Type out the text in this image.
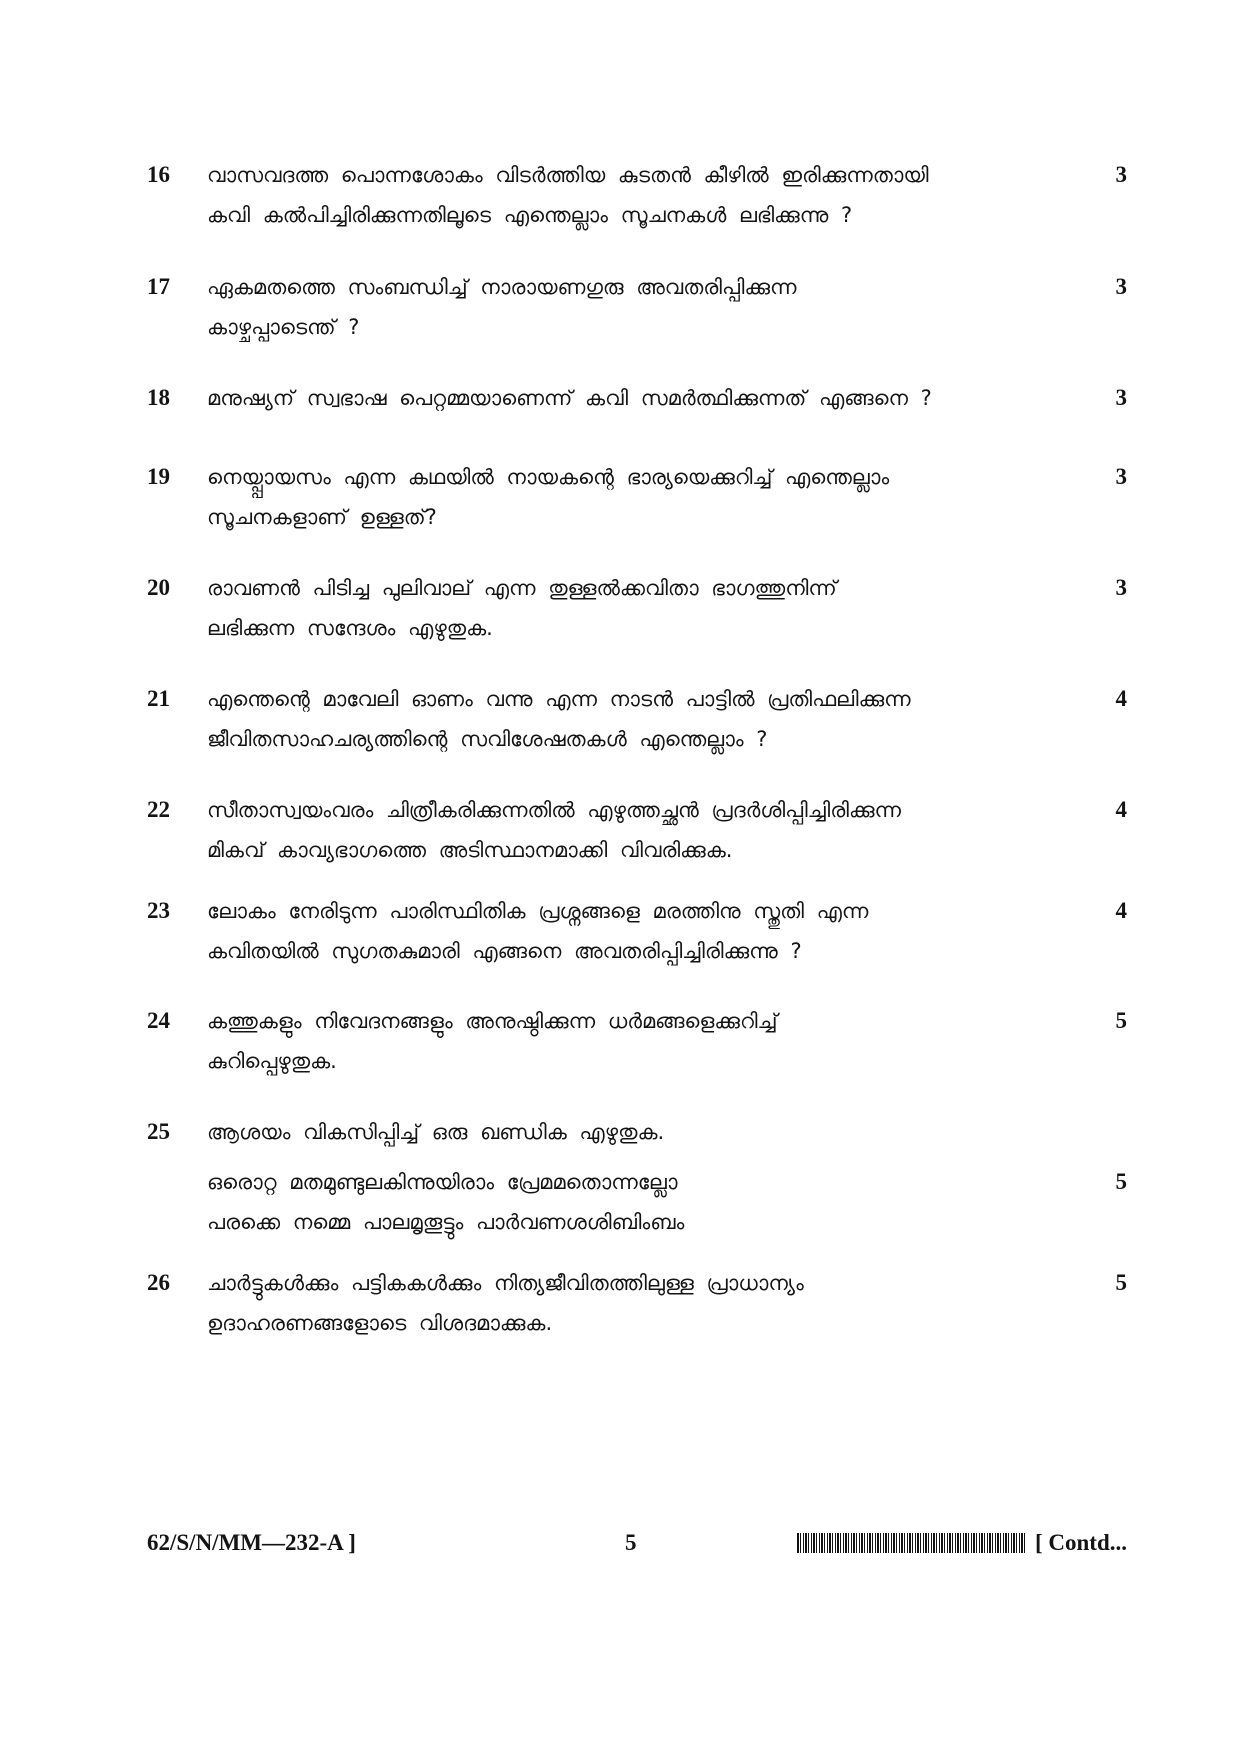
16 വാസവദത്ത പൊന്നശോകം വിടർത്തിയ കുടതൻ കീഴിൽ ഇരിക്കുന്നതായി
കവി കൽപിച്ചിരിക്കുന്നതിലൂടെ എന്തെല്ലാം സൂചനകൾ ലഭിക്കുന്നു ?
3
17 ഏകമതത്തെ സംബന്ധിച്ച് നാരായണഗുരു അവതരിപ്പിക്കുന്ന
കാഴ്ചപ്പാടെന്ത് ?
3
18 മനുഷ്യന് സ്വഭാഷ പെറ്റമ്മയാണെന്ന് കവി സമർത്ഥിക്കുന്നത് എങ്ങനെ ?	3
19 നെയ്പ്പായസം എന്ന കഥയിൽ നായകന്റെ ഭാര്യയെക്കുറിച്ച് എന്തെല്ലാം
സൂചനകളാണ് ഉള്ളത്?
3
20 രാവണൻ പിടിച്ച പുലിവാല് എന്ന തുള്ളൽക്കവിതാ ഭാഗത്തുനിന്ന്
ലഭിക്കുന്ന സന്ദേശം എഴുതുക.
3
21 എന്തെന്റെ മാവേലി ഓണം വന്നു എന്ന നാടൻ പാട്ടിൽ പ്രതിഫലിക്കുന്ന
ജീവിതസാഹചര്യത്തിന്റെ സവിശേഷതകൾ എന്തെല്ലാം ?
4
22 സീതാസ്വയംവരം ചിത്രീകരിക്കുന്നതിൽ എഴുത്തച്ഛൻ പ്രദർശിപ്പിച്ചിരിക്കുന്ന
മികവ് കാവ്യഭാഗത്തെ അടിസ്ഥാനമാക്കി വിവരിക്കുക.
4
23 ലോകം നേരിടുന്ന പാരിസ്ഥിതിക പ്രശ്നങ്ങളെ മരത്തിനു സ്തുതി എന്ന
കവിതയിൽ സുഗതകുമാരി എങ്ങനെ അവതരിപ്പിച്ചിരിക്കുന്നു ?
4
24 കത്തുകളും നിവേദനങ്ങളും അനുഷ്ഠിക്കുന്ന ധർമങ്ങളെക്കുറിച്ച്
കുറിപ്പെഴുതുക.
5
25 ആശയം വികസിപ്പിച്ച് ഒരു ഖണ്ഡിക എഴുതുക.
ഒരൊറ്റ മതമുണ്ടുലകിന്നുയിരാം പ്രേമമതൊന്നല്ലോ
പരക്കെ നമ്മെ പാലമൃതൂട്ടും പാർവണശശിബിംബം
5
26 ചാർട്ടുകൾക്കും പട്ടികകൾക്കും നിത്യജീവിതത്തിലുള്ള പ്രാധാന്യം
ഉദാഹരണങ്ങളോടെ വിശദമാക്കുക.
5
62/S/N/MM—232-A ]	5	[ Contd...
